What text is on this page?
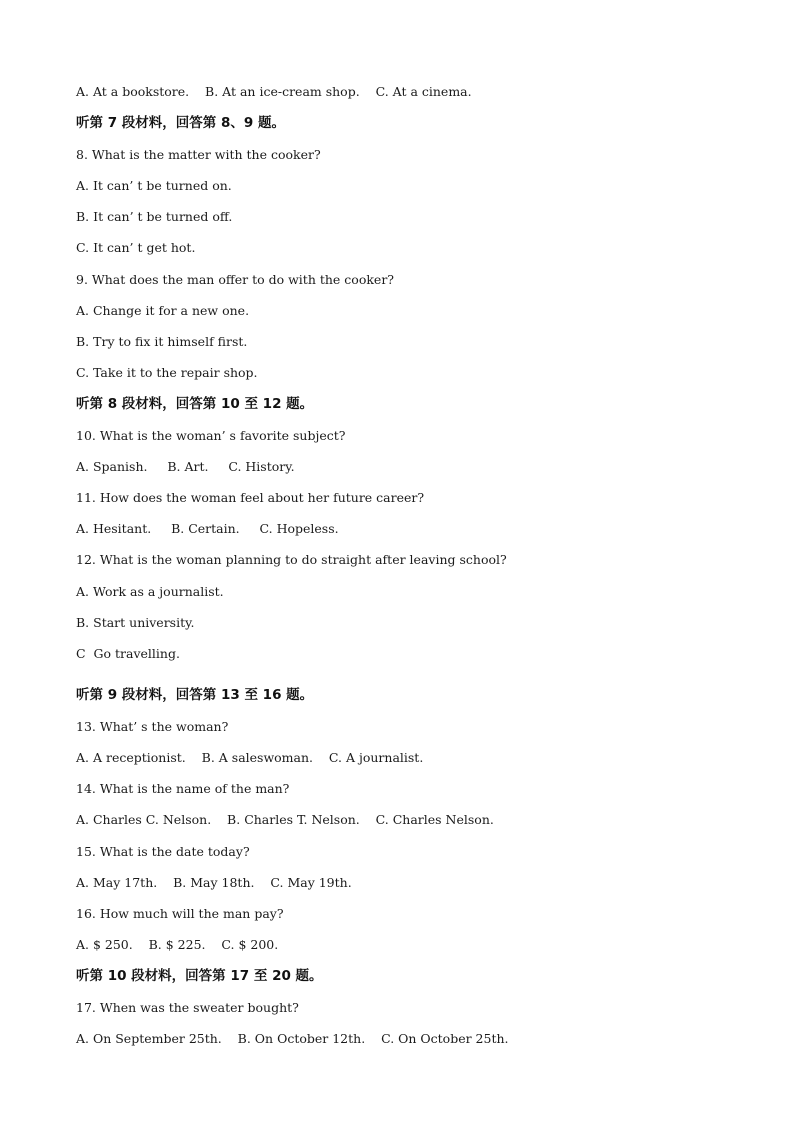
A. At a bookstore.    B. At an ice-cream shop.    C. At a cinema.
听第 7 段材料，回答第 8、9 题。
8. What is the matter with the cooker?
A. It can’ t be turned on.
B. It can’ t be turned off.
C. It can’ t get hot.
9. What does the man offer to do with the cooker?
A. Change it for a new one.
B. Try to fix it himself first.
C. Take it to the repair shop.
听第 8 段材料，回答第 10 至 12 题。
10. What is the woman’ s favorite subject?
A. Spanish.     B. Art.     C. History.
11. How does the woman feel about her future career?
A. Hesitant.     B. Certain.     C. Hopeless.
12. What is the woman planning to do straight after leaving school?
A. Work as a journalist.
B. Start university.
C  Go travelling.
听第 9 段材料，回答第 13 至 16 题。
13. What’ s the woman?
A. A receptionist.    B. A saleswoman.    C. A journalist.
14. What is the name of the man?
A. Charles C. Nelson.    B. Charles T. Nelson.    C. Charles Nelson.
15. What is the date today?
A. May 17th.    B. May 18th.    C. May 19th.
16. How much will the man pay?
A. $ 250.    B. $ 225.    C. $ 200.
听第 10 段材料，回答第 17 至 20 题。
17. When was the sweater bought?
A. On September 25th.    B. On October 12th.    C. On October 25th.
